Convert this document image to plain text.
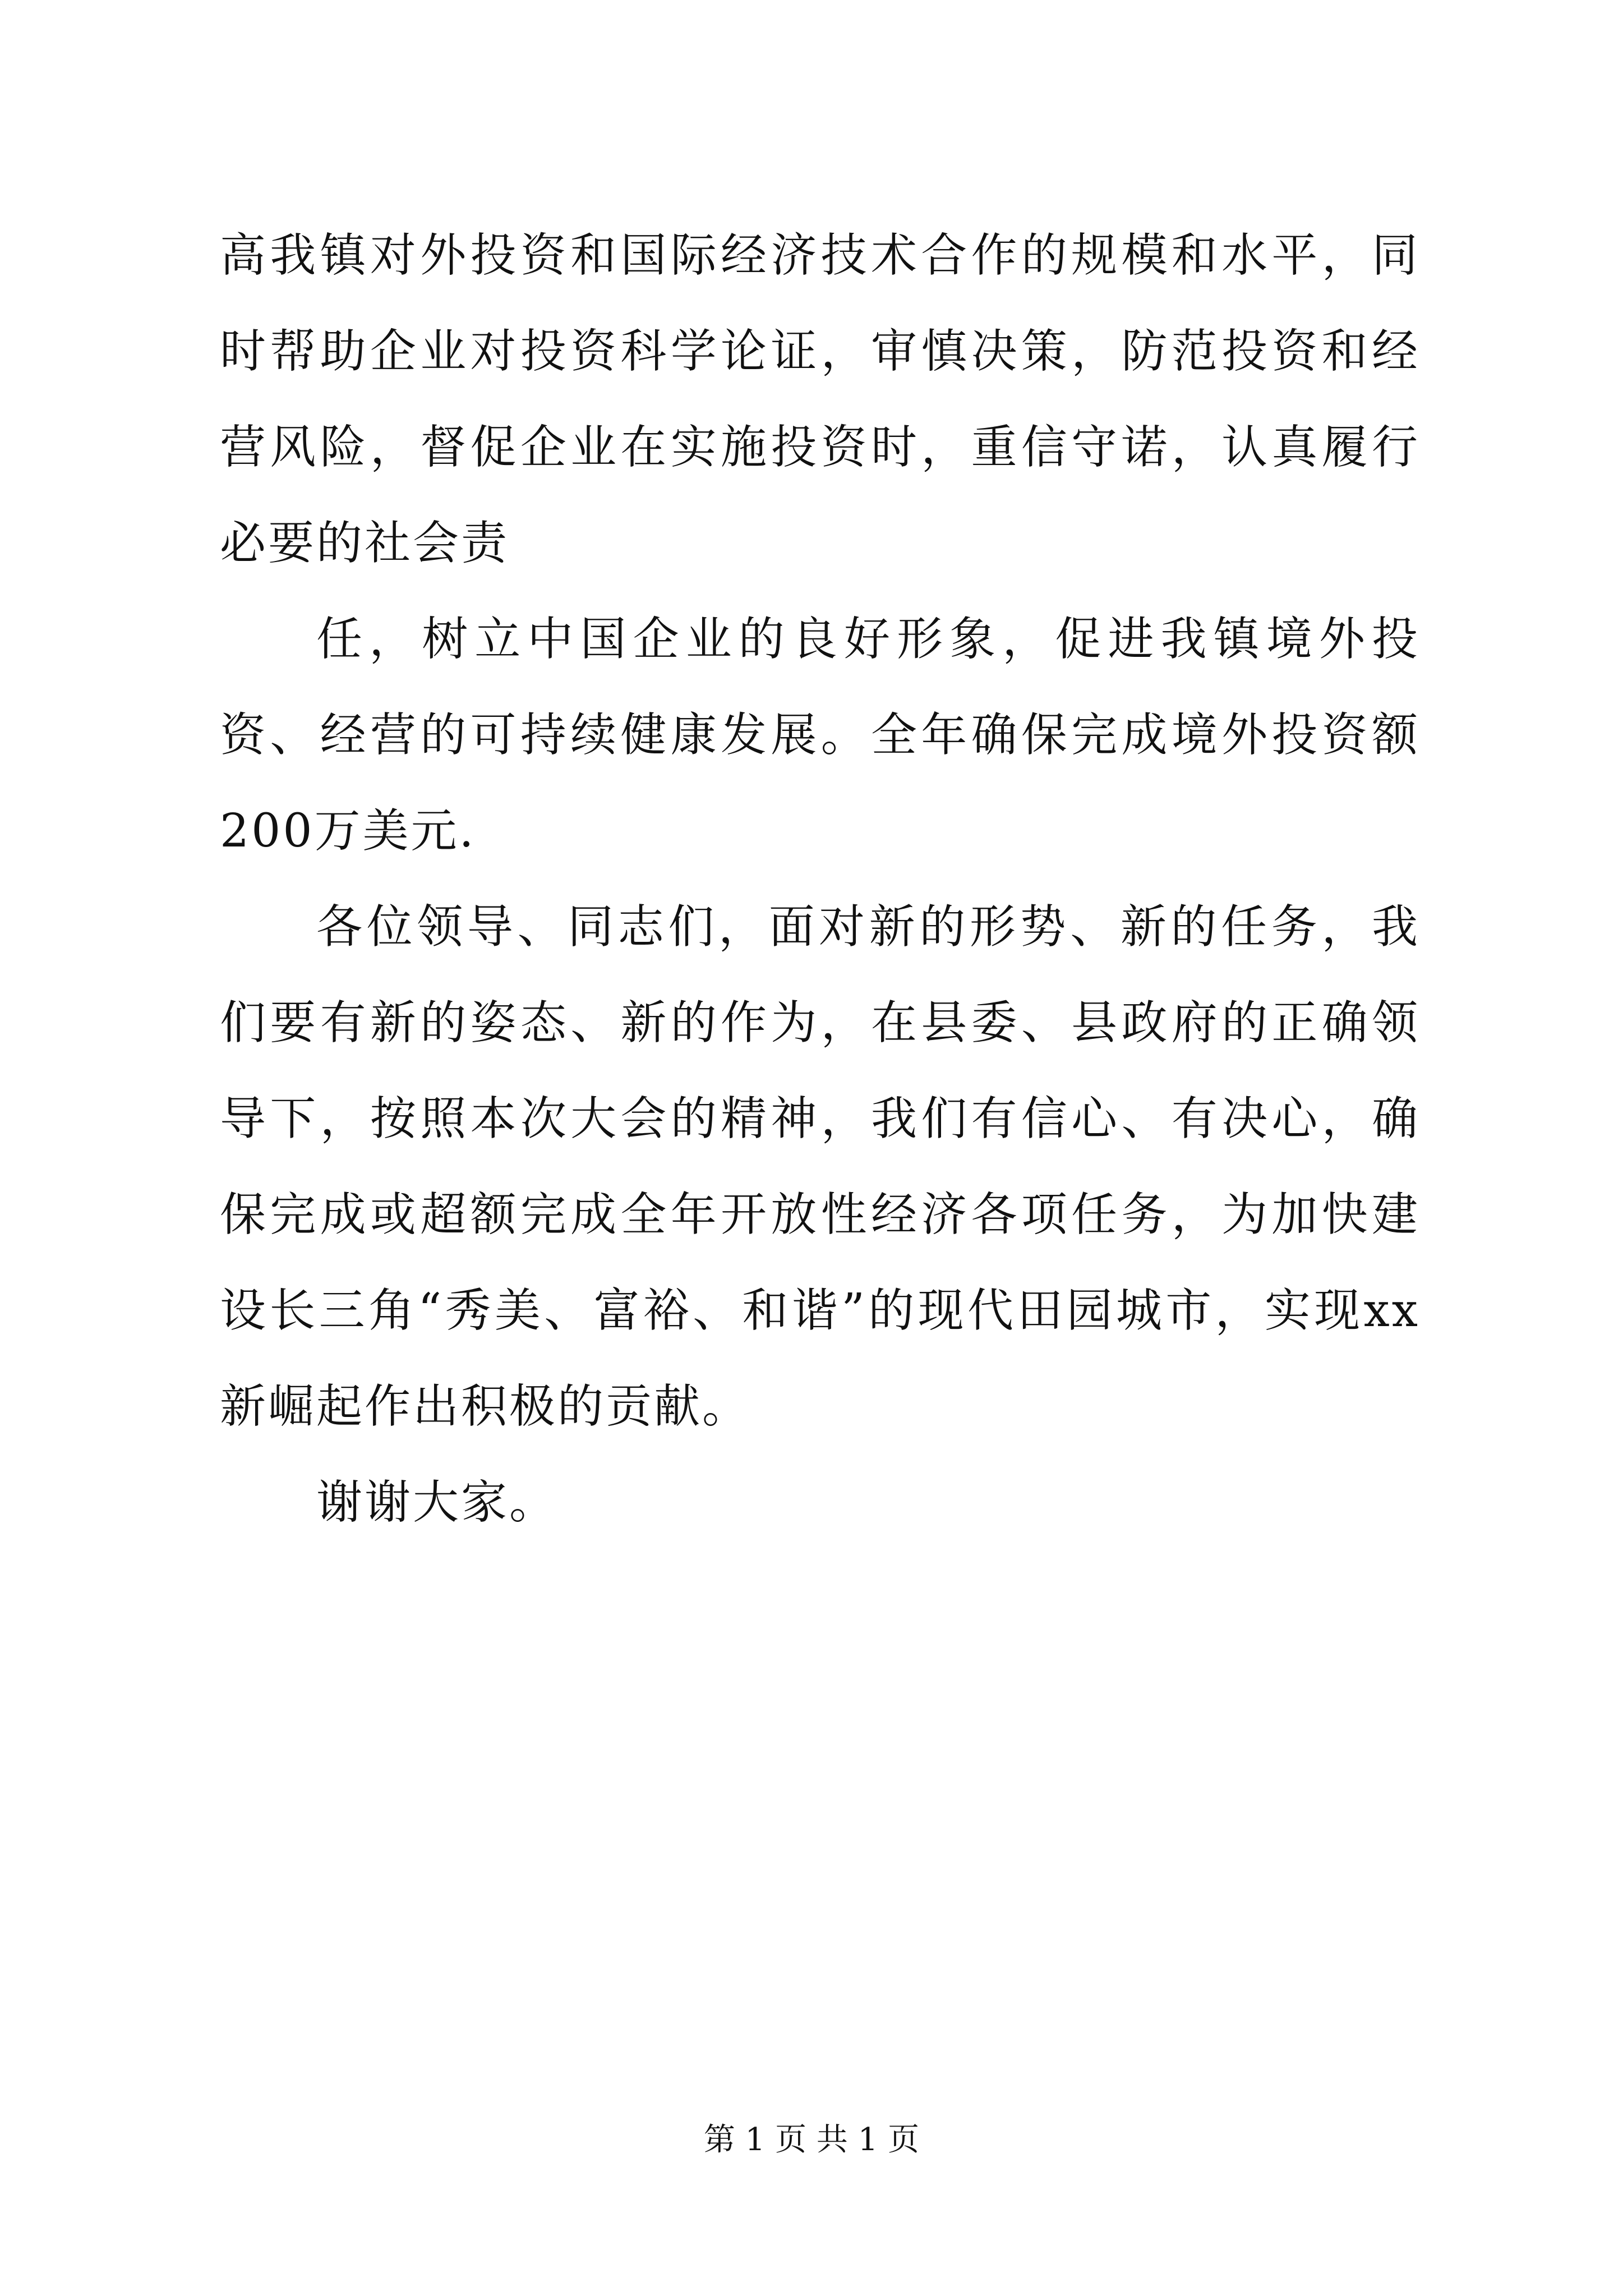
高我镇对外投资和国际经济技术合作的规模和水平，同时帮助企业对投资科学论证，审慎决策，防范投资和经营风险，督促企业在实施投资时，重信守诺，认真履行必要的社会责

任，树立中国企业的良好形象，促进我镇境外投资、经营的可持续健康发展。全年确保完成境外投资额200万美元.

各位领导、同志们，面对新的形势、新的任务，我们要有新的姿态、新的作为，在县委、县政府的正确领导下，按照本次大会的精神，我们有信心、有决心，确保完成或超额完成全年开放性经济各项任务，为加快建设长三角“秀美、富裕、和谐”的现代田园城市，实现xx新崛起作出积极的贡献。

谢谢大家。

第 1 页 共 1 页
